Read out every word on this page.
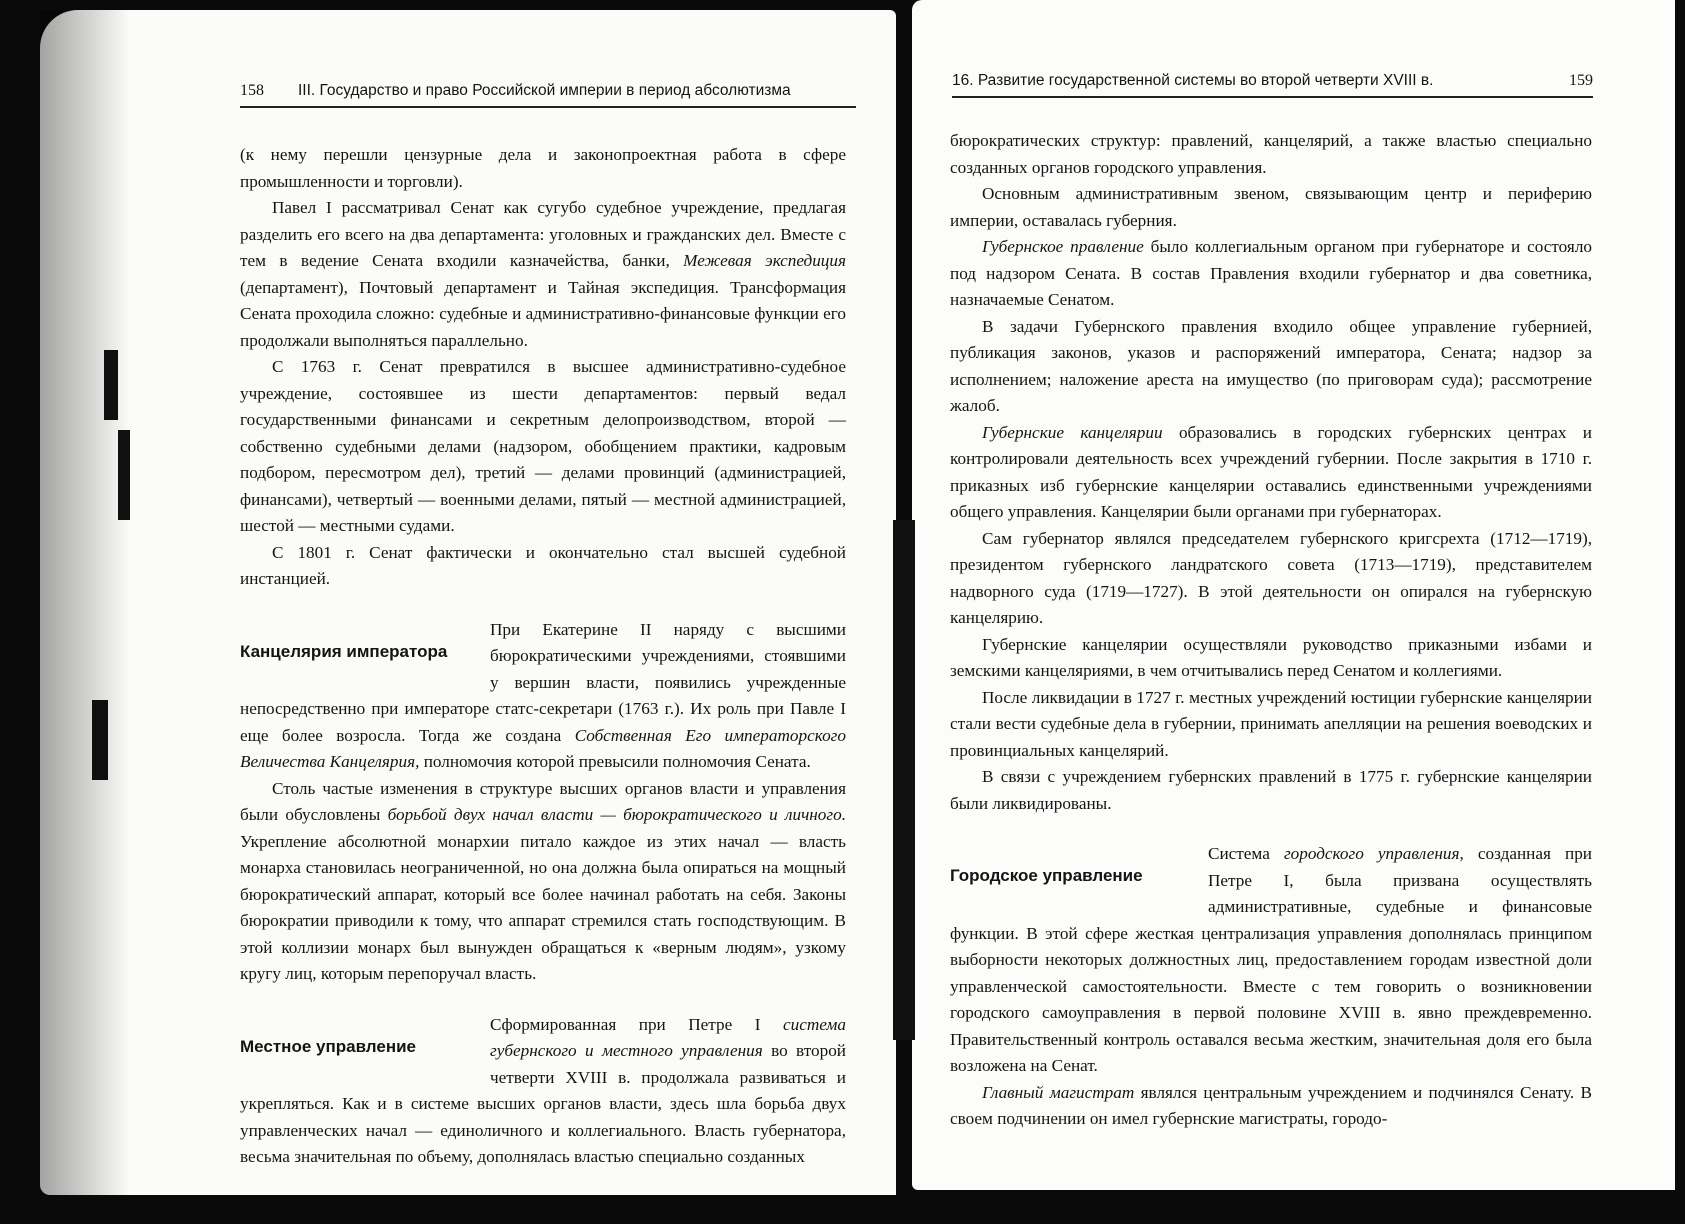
158 III. Государство и право Российской империи в период абсолютизма

(к нему перешли цензурные дела и законопроектная работа в сфере промышленности и торговли).

Павел I рассматривал Сенат как сугубо судебное учреждение, предлагая разделить его всего на два департамента: уголовных и гражданских дел. Вместе с тем в ведение Сената входили казначейства, банки, Межевая экспедиция (департамент), Почтовый департамент и Тайная экспедиция. Трансформация Сената проходила сложно: судебные и административно-финансовые функции его продолжали выполняться параллельно.

С 1763 г. Сенат превратился в высшее административно-судебное учреждение, состоявшее из шести департаментов: первый ведал государственными финансами и секретным делопроизводством, второй — собственно судебными делами (надзором, обобщением практики, кадровым подбором, пересмотром дел), третий — делами провинций (администрацией, финансами), четвертый — военными делами, пятый — местной администрацией, шестой — местными судами.

С 1801 г. Сенат фактически и окончательно стал высшей судебной инстанцией.

Канцелярия императора

При Екатерине II наряду с высшими бюрократическими учреждениями, стоявшими у вершин власти, появились учрежденные непосредственно при императоре статс-секретари (1763 г.). Их роль при Павле I еще более возросла. Тогда же создана Собственная Его императорского Величества Канцелярия, полномочия которой превысили полномочия Сената.

Столь частые изменения в структуре высших органов власти и управления были обусловлены борьбой двух начал власти — бюрократического и личного. Укрепление абсолютной монархии питало каждое из этих начал — власть монарха становилась неограниченной, но она должна была опираться на мощный бюрократический аппарат, который все более начинал работать на себя. Законы бюрократии приводили к тому, что аппарат стремился стать господствующим. В этой коллизии монарх был вынужден обращаться к «верным людям», узкому кругу лиц, которым перепоручал власть.

Местное управление

Сформированная при Петре I система губернского и местного управления во второй четверти XVIII в. продолжала развиваться и укрепляться. Как и в системе высших органов власти, здесь шла борьба двух управленческих начал — единоличного и коллегиального. Власть губернатора, весьма значительная по объему, дополнялась властью специально созданных

16. Развитие государственной системы во второй четверти XVIII в.	159

бюрократических структур: правлений, канцелярий, а также властью специально созданных органов городского управления.

Основным административным звеном, связывающим центр и периферию империи, оставалась губерния.

Губернское правление было коллегиальным органом при губернаторе и состояло под надзором Сената. В состав Правления входили губернатор и два советника, назначаемые Сенатом.

В задачи Губернского правления входило общее управление губернией, публикация законов, указов и распоряжений императора, Сената; надзор за исполнением; наложение ареста на имущество (по приговорам суда); рассмотрение жалоб.

Губернские канцелярии образовались в городских губернских центрах и контролировали деятельность всех учреждений губернии. После закрытия в 1710 г. приказных изб губернские канцелярии оставались единственными учреждениями общего управления. Канцелярии были органами при губернаторах.

Сам губернатор являлся председателем губернского кригсрехта (1712—1719), президентом губернского ландратского совета (1713—1719), представителем надворного суда (1719—1727). В этой деятельности он опирался на губернскую канцелярию.

Губернские канцелярии осуществляли руководство приказными избами и земскими канцеляриями, в чем отчитывались перед Сенатом и коллегиями.

После ликвидации в 1727 г. местных учреждений юстиции губернские канцелярии стали вести судебные дела в губернии, принимать апелляции на решения воеводских и провинциальных канцелярий.

В связи с учреждением губернских правлений в 1775 г. губернские канцелярии были ликвидированы.

Городское управление

Система городского управления, созданная при Петре I, была призвана осуществлять административные, судебные и финансовые функции. В этой сфере жесткая централизация управления дополнялась принципом выборности некоторых должностных лиц, предоставлением городам известной доли управленческой самостоятельности. Вместе с тем говорить о возникновении городского самоуправления в первой половине XVIII в. явно преждевременно. Правительственный контроль оставался весьма жестким, значительная доля его была возложена на Сенат.

Главный магистрат являлся центральным учреждением и подчинялся Сенату. В своем подчинении он имел губернские магистраты, городо-
